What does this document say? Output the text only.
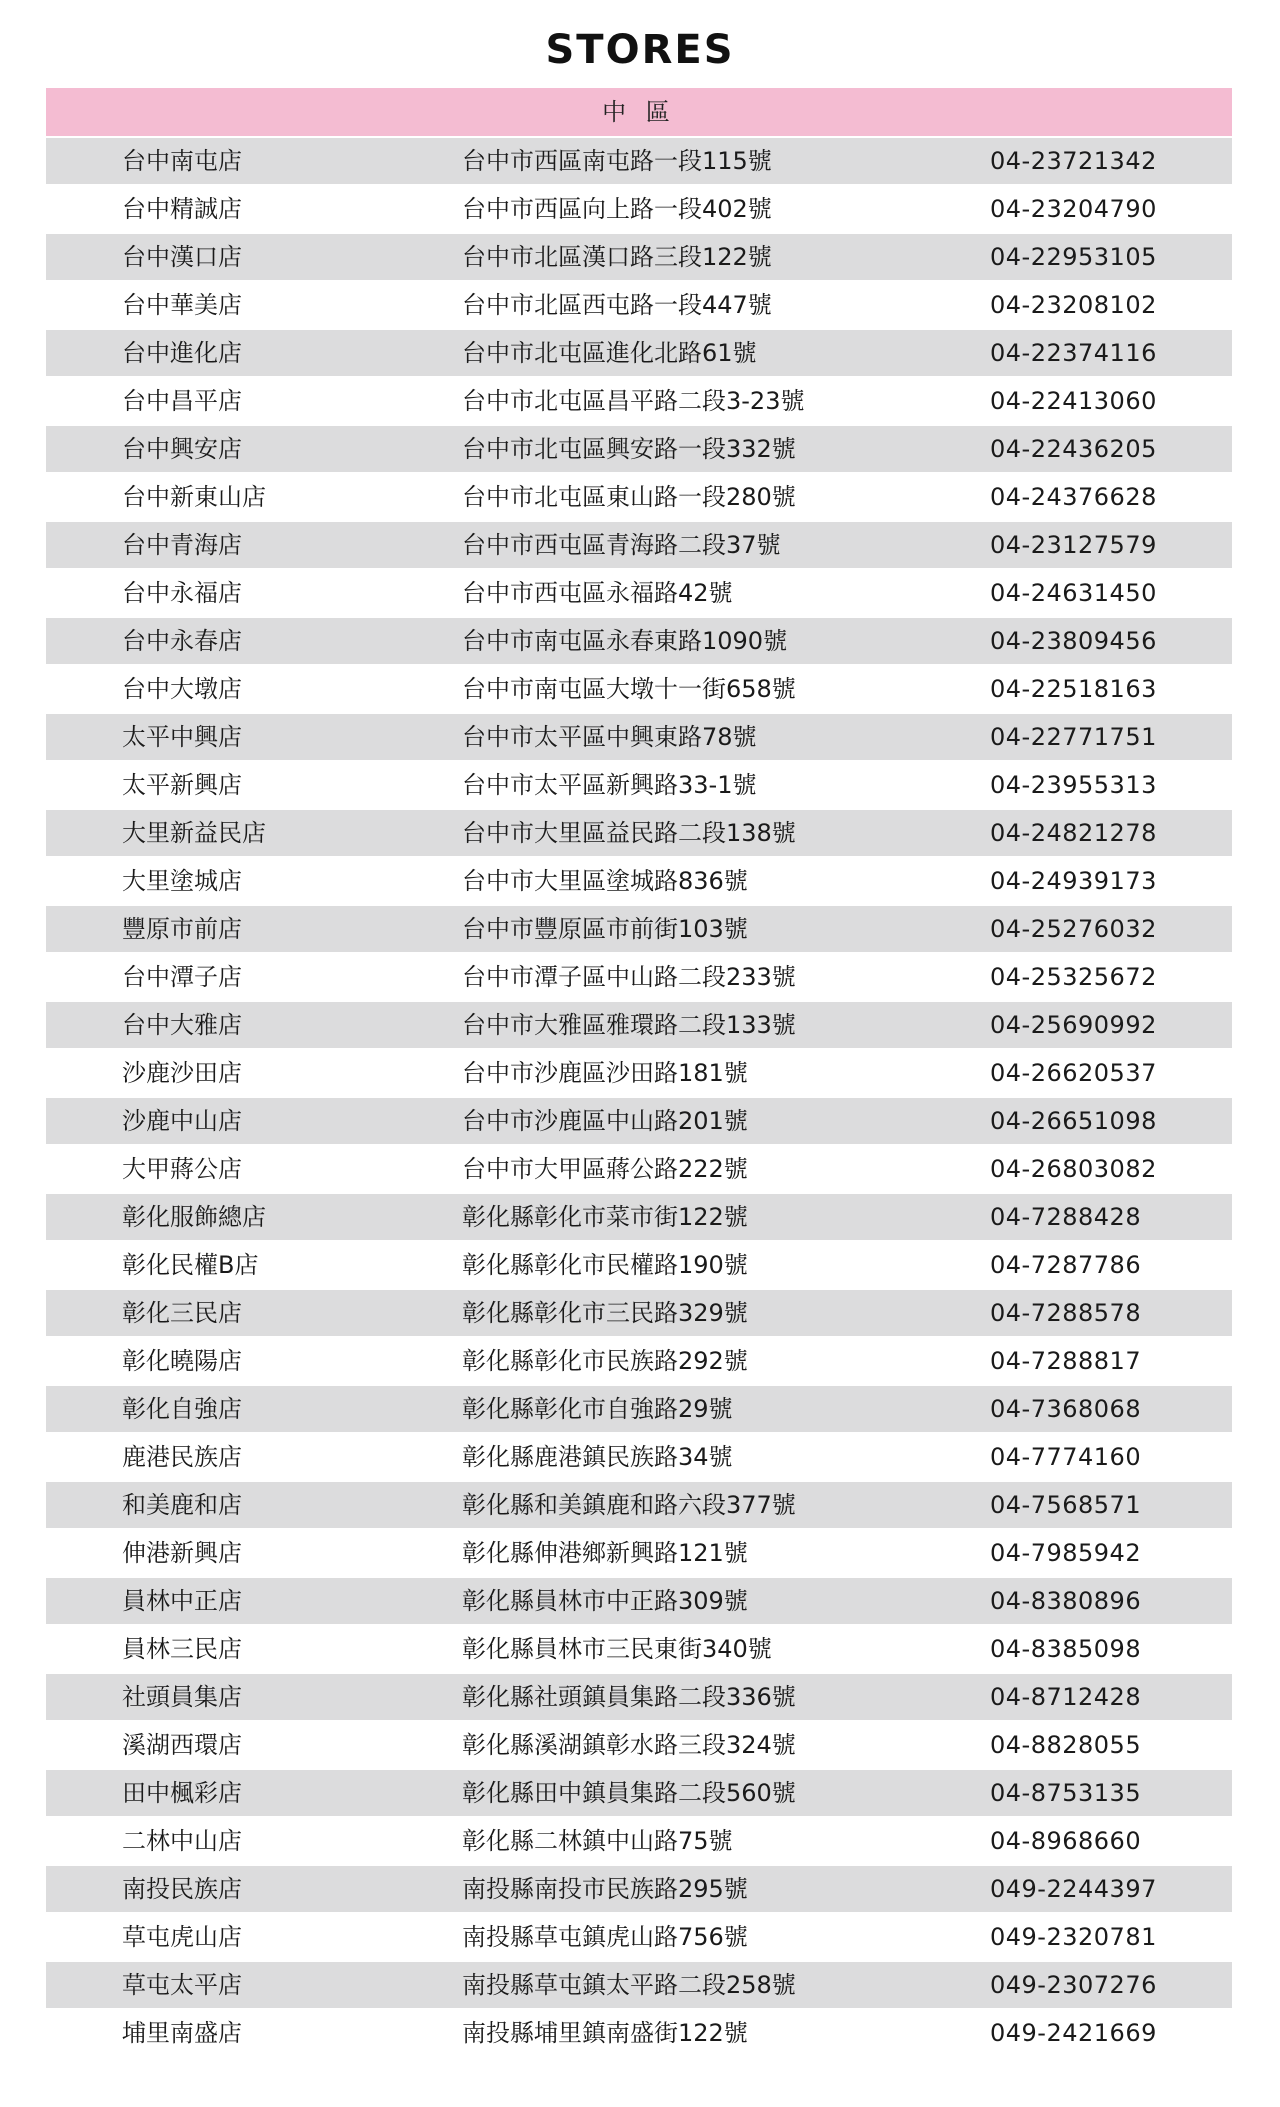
STORES
中 區
台中南屯店	台中市西區南屯路一段115號	04-23721342
台中精誠店	台中市西區向上路一段402號	04-23204790
台中漢口店	台中市北區漢口路三段122號	04-22953105
台中華美店	台中市北區西屯路一段447號	04-23208102
台中進化店	台中市北屯區進化北路61號	04-22374116
台中昌平店	台中市北屯區昌平路二段3-23號	04-22413060
台中興安店	台中市北屯區興安路一段332號	04-22436205
台中新東山店	台中市北屯區東山路一段280號	04-24376628
台中青海店	台中市西屯區青海路二段37號	04-23127579
台中永福店	台中市西屯區永福路42號	04-24631450
台中永春店	台中市南屯區永春東路1090號	04-23809456
台中大墩店	台中市南屯區大墩十一街658號	04-22518163
太平中興店	台中市太平區中興東路78號	04-22771751
太平新興店	台中市太平區新興路33-1號	04-23955313
大里新益民店	台中市大里區益民路二段138號	04-24821278
大里塗城店	台中市大里區塗城路836號	04-24939173
豐原市前店	台中市豐原區市前街103號	04-25276032
台中潭子店	台中市潭子區中山路二段233號	04-25325672
台中大雅店	台中市大雅區雅環路二段133號	04-25690992
沙鹿沙田店	台中市沙鹿區沙田路181號	04-26620537
沙鹿中山店	台中市沙鹿區中山路201號	04-26651098
大甲蔣公店	台中市大甲區蔣公路222號	04-26803082
彰化服飾總店	彰化縣彰化市菜市街122號	04-7288428
彰化民權B店	彰化縣彰化市民權路190號	04-7287786
彰化三民店	彰化縣彰化市三民路329號	04-7288578
彰化曉陽店	彰化縣彰化市民族路292號	04-7288817
彰化自強店	彰化縣彰化市自強路29號	04-7368068
鹿港民族店	彰化縣鹿港鎮民族路34號	04-7774160
和美鹿和店	彰化縣和美鎮鹿和路六段377號	04-7568571
伸港新興店	彰化縣伸港鄉新興路121號	04-7985942
員林中正店	彰化縣員林市中正路309號	04-8380896
員林三民店	彰化縣員林市三民東街340號	04-8385098
社頭員集店	彰化縣社頭鎮員集路二段336號	04-8712428
溪湖西環店	彰化縣溪湖鎮彰水路三段324號	04-8828055
田中楓彩店	彰化縣田中鎮員集路二段560號	04-8753135
二林中山店	彰化縣二林鎮中山路75號	04-8968660
南投民族店	南投縣南投市民族路295號	049-2244397
草屯虎山店	南投縣草屯鎮虎山路756號	049-2320781
草屯太平店	南投縣草屯鎮太平路二段258號	049-2307276
埔里南盛店	南投縣埔里鎮南盛街122號	049-2421669
